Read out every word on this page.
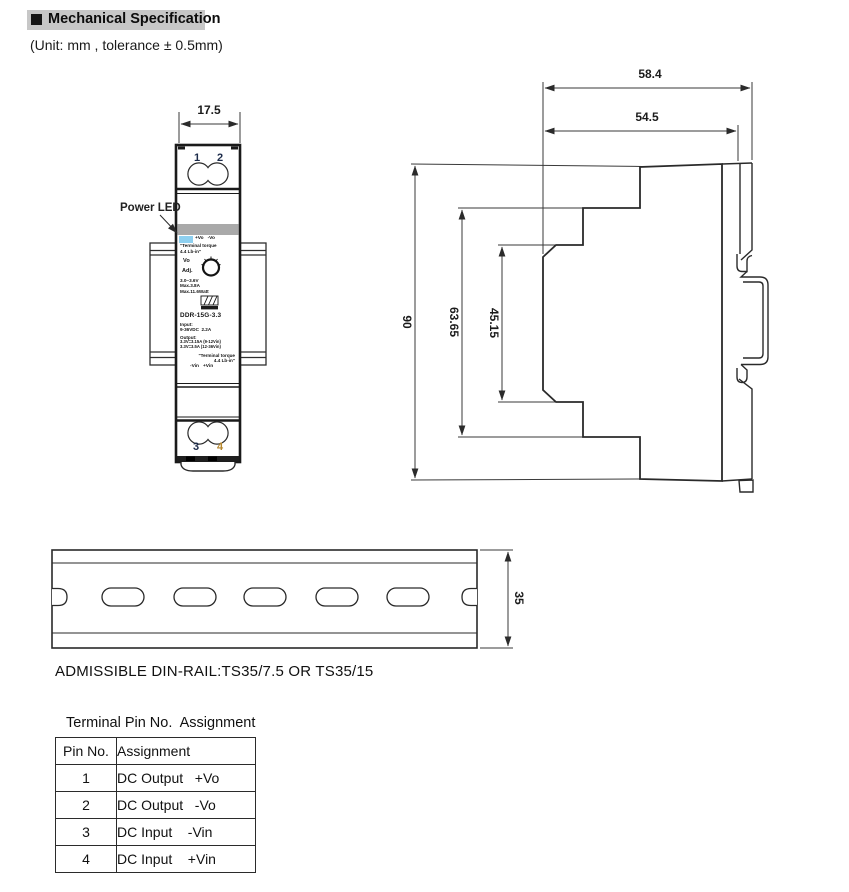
Mechanical Specification
(Unit: mm , tolerance ± 0.5mm)
17.5
Power LED
1 2
3 4
+Vo   -Vo
"Terminal torque
4.4 Lb-in"
Vo
Adj.
3.0~3.6V
Max.3.8A
Max.11.6Watt
DDR-15G-3.3
Input:
9-36VDC  2.2A
Output:
3.3V=3.15A (9-12Vin)
3.3V=3.5A (12-36Vin)
"Terminal torque
4.4 Lb-in"
-Vin   +Vin
58.4
54.5
90	63.65 45.15
35
ADMISSIBLE DIN-RAIL:TS35/7.5 OR TS35/15
Terminal Pin No.  Assignment
Pin No.	Assignment
1	DC Output   +Vo
2	DC Output   -Vo
3	DC Input    -Vin
4	DC Input    +Vin
